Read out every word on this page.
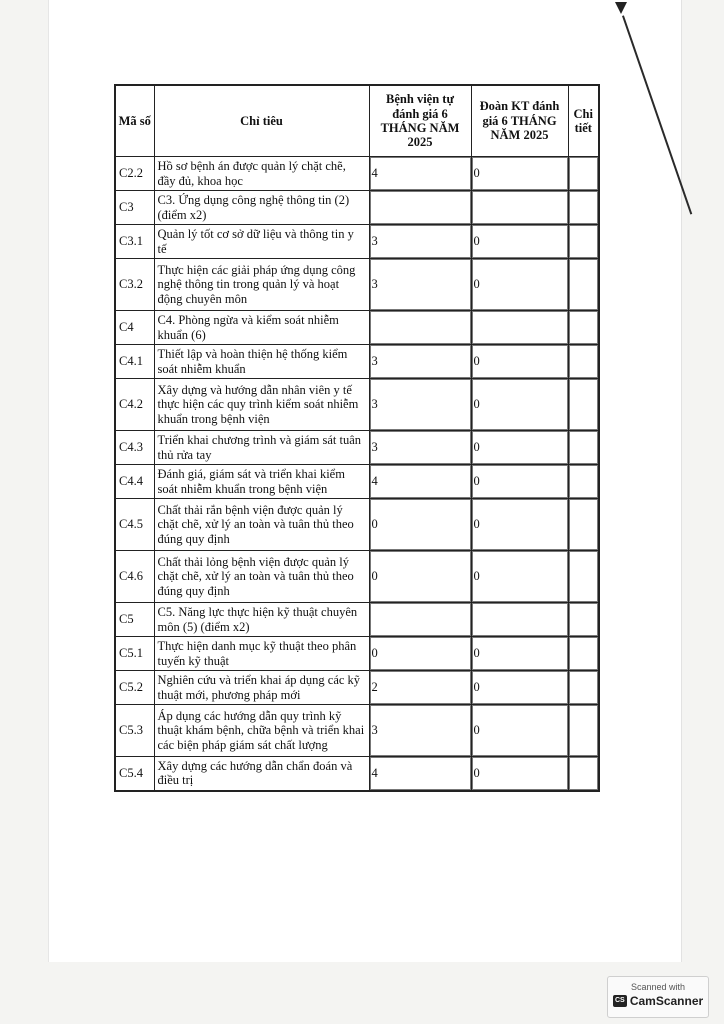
Mã số	Chỉ tiêu	Bệnh viện tự đánh giá 6 THÁNG NĂM 2025	Đoàn KT đánh giá 6 THÁNG NĂM 2025	Chi tiết
C2.2	Hồ sơ bệnh án được quản lý chặt chẽ, đầy đủ, khoa học	4	0	
C3	C3. Ứng dụng công nghệ thông tin (2) (điểm x2)			
C3.1	Quản lý tốt cơ sở dữ liệu và thông tin y tế	3	0	
C3.2	Thực hiện các giải pháp ứng dụng công nghệ thông tin trong quản lý và hoạt động chuyên môn	3	0	
C4	C4. Phòng ngừa và kiểm soát nhiễm khuẩn (6)			
C4.1	Thiết lập và hoàn thiện hệ thống kiểm soát nhiễm khuẩn	3	0	
C4.2	Xây dựng và hướng dẫn nhân viên y tế thực hiện các quy trình kiểm soát nhiễm khuẩn trong bệnh viện	3	0	
C4.3	Triển khai chương trình và giám sát tuân thủ rửa tay	3	0	
C4.4	Đánh giá, giám sát và triển khai kiểm soát nhiễm khuẩn trong bệnh viện	4	0	
C4.5	Chất thải rắn bệnh viện được quản lý chặt chẽ, xử lý an toàn và tuân thủ theo đúng quy định	0	0	
C4.6	Chất thải lỏng bệnh viện được quản lý chặt chẽ, xử lý an toàn và tuân thủ theo đúng quy định	0	0	
C5	C5. Năng lực thực hiện kỹ thuật chuyên môn (5) (điểm x2)			
C5.1	Thực hiện danh mục kỹ thuật theo phân tuyến kỹ thuật	0	0	
C5.2	Nghiên cứu và triển khai áp dụng các kỹ thuật mới, phương pháp mới	2	0	
C5.3	Áp dụng các hướng dẫn quy trình kỹ thuật khám bệnh, chữa bệnh và triển khai các biện pháp giám sát chất lượng	3	0	
C5.4	Xây dựng các hướng dẫn chẩn đoán và điều trị	4	0	
Scanned with
CS CamScanner
